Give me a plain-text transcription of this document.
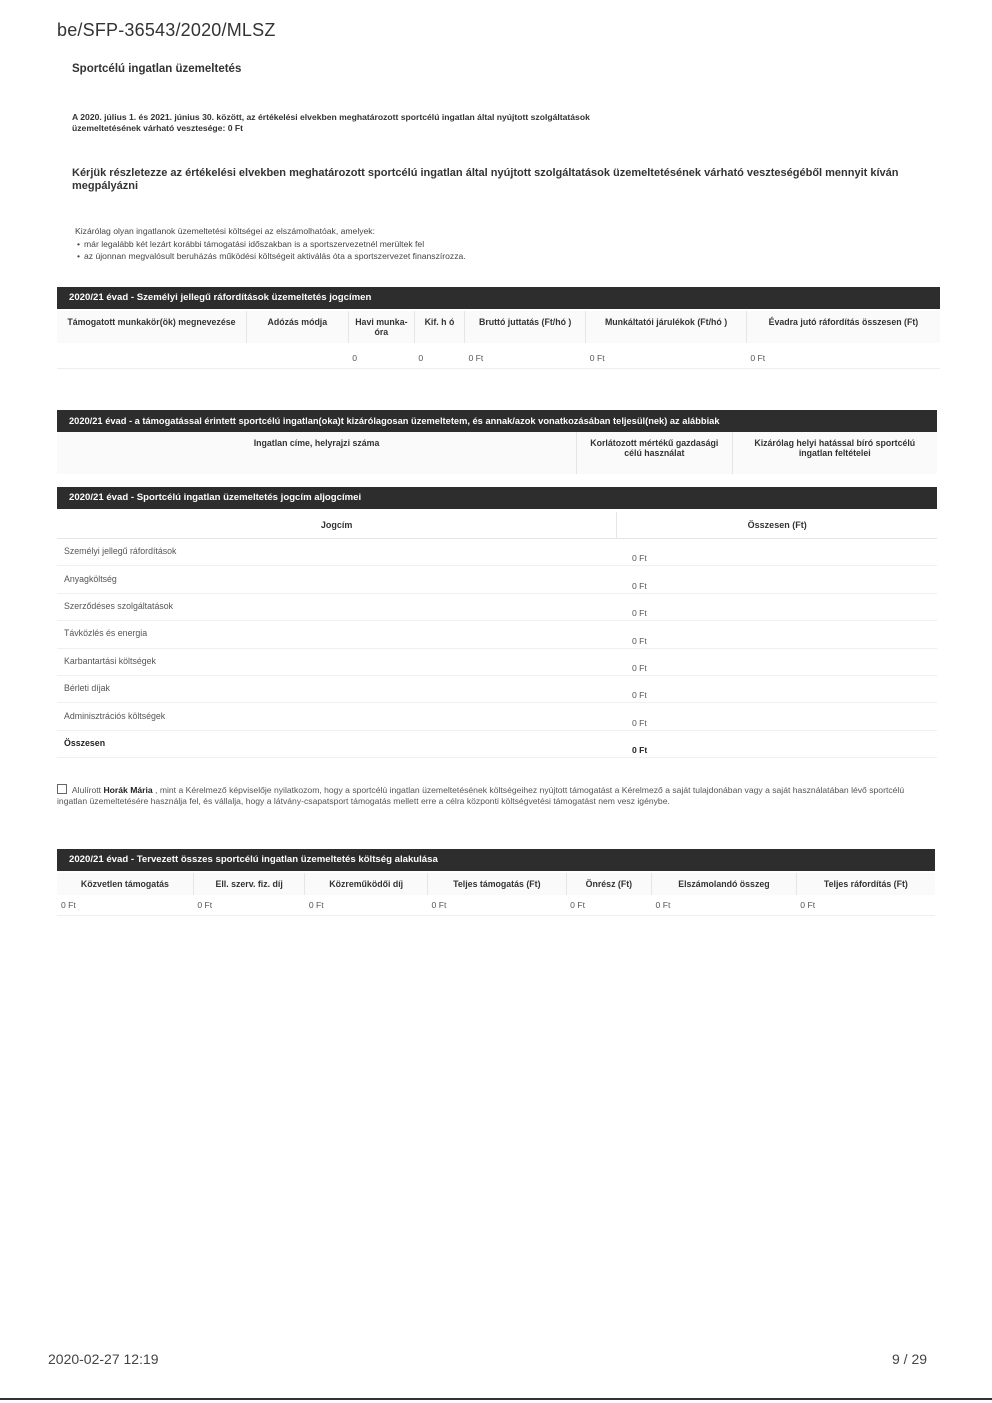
be/SFP-36543/2020/MLSZ
Sportcélú ingatlan üzemeltetés
A 2020. július 1. és 2021. június 30. között, az értékelési elvekben meghatározott sportcélú ingatlan által nyújtott szolgáltatások üzemeltetésének várható vesztesége: 0 Ft
Kérjük részletezze az értékelési elvekben meghatározott sportcélú ingatlan által nyújtott szolgáltatások üzemeltetésének várható veszteségéből mennyit kíván megpályázni
Kizárólag olyan ingatlanok üzemeltetési költségei az elszámolhatóak, amelyek:
• már legalább két lezárt korábbi támogatási időszakban is a sportszervezetnél merültek fel
• az újonnan megvalósult beruházás működési költségeit aktiválás óta a sportszervezet finanszírozza.
2020/21 évad - Személyi jellegű ráfordítások üzemeltetés jogcímen
Támogatott munkakör(ök) megnevezése	Adózás módja	Havi munka-óra	Kif. h ó	Bruttó juttatás (Ft/hó )	Munkáltatói járulékok (Ft/hó )	Évadra jutó ráfordítás összesen (Ft)
		0	0	0 Ft	0 Ft	0 Ft
2020/21 évad - a támogatással érintett sportcélú ingatlan(oka)t kizárólagosan üzemeltetem, és annak/azok vonatkozásában teljesül(nek) az alábbiak
Ingatlan címe, helyrajzi száma	Korlátozott mértékű gazdasági célú használat	Kizárólag helyi hatással bíró sportcélú ingatlan feltételei
2020/21 évad - Sportcélú ingatlan üzemeltetés jogcím aljogcímei
Jogcím	Összesen (Ft)
Személyi jellegű ráfordítások
0 Ft
Anyagköltség
0 Ft
Szerződéses szolgáltatások
0 Ft
Távközlés és energia
0 Ft
Karbantartási költségek
0 Ft
Bérleti díjak
0 Ft
Adminisztrációs költségek
0 Ft
Összesen
0 Ft
Alulírott Horák Mária , mint a Kérelmező képviselője nyilatkozom, hogy a sportcélú ingatlan üzemeltetésének költségeihez nyújtott támogatást a Kérelmező a saját tulajdonában vagy a saját használatában lévő sportcélú ingatlan üzemeltetésére használja fel, és vállalja, hogy a látvány-csapatsport támogatás mellett erre a célra központi költségvetési támogatást nem vesz igénybe.
2020/21 évad - Tervezett összes sportcélú ingatlan üzemeltetés költség alakulása
Közvetlen támogatás	Ell. szerv. fiz. díj	Közreműködői díj	Teljes támogatás (Ft)	Önrész (Ft)	Elszámolandó összeg	Teljes ráfordítás (Ft)
0 Ft	0 Ft	0 Ft	0 Ft	0 Ft	0 Ft	0 Ft
2020-02-27 12:19	9 / 29
